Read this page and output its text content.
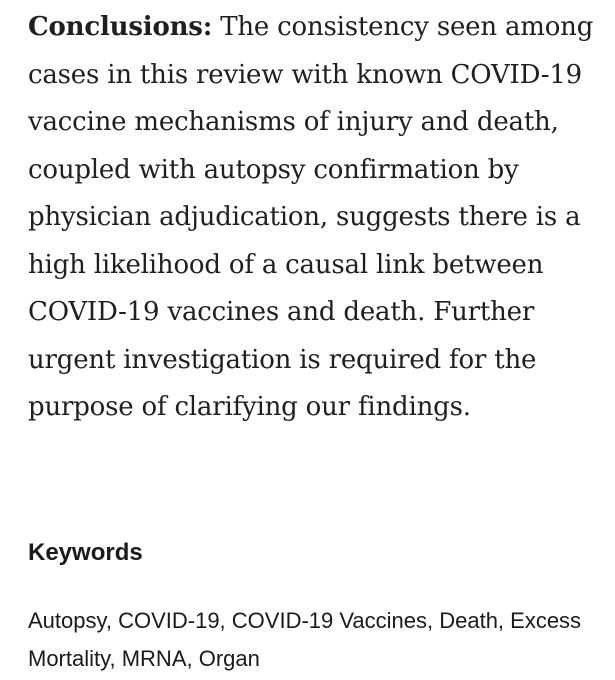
Conclusions: The consistency seen among cases in this review with known COVID-19 vaccine mechanisms of injury and death, coupled with autopsy confirmation by physician adjudication, suggests there is a high likelihood of a causal link between COVID-19 vaccines and death. Further urgent investigation is required for the purpose of clarifying our findings.

Keywords

Autopsy, COVID-19, COVID-19 Vaccines, Death, Excess Mortality, MRNA, Organ
